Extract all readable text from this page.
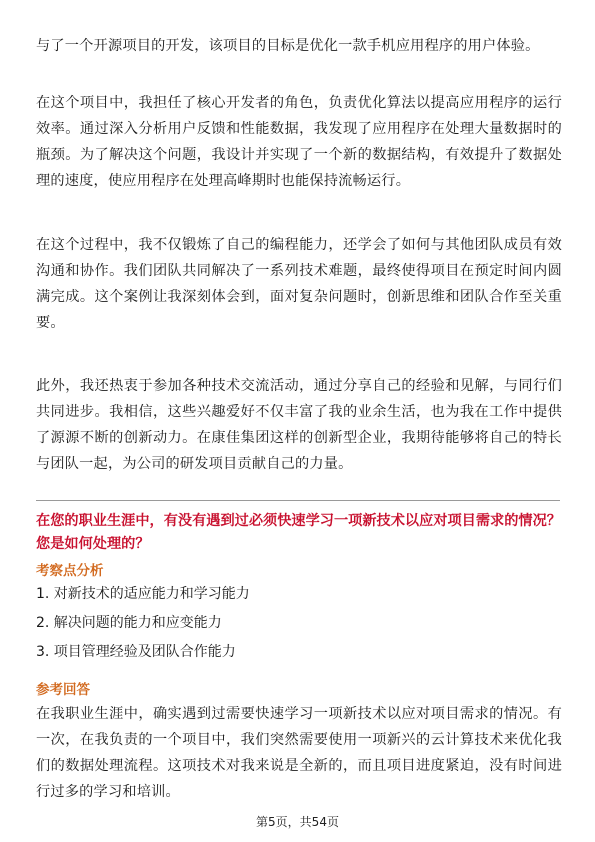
与了一个开源项目的开发，该项目的目标是优化一款手机应用程序的用户体验。
在这个项目中，我担任了核心开发者的角色，负责优化算法以提高应用程序的运行效率。通过深入分析用户反馈和性能数据，我发现了应用程序在处理大量数据时的瓶颈。为了解决这个问题，我设计并实现了一个新的数据结构，有效提升了数据处理的速度，使应用程序在处理高峰期时也能保持流畅运行。
在这个过程中，我不仅锻炼了自己的编程能力，还学会了如何与其他团队成员有效沟通和协作。我们团队共同解决了一系列技术难题，最终使得项目在预定时间内圆满完成。这个案例让我深刻体会到，面对复杂问题时，创新思维和团队合作至关重要。
此外，我还热衷于参加各种技术交流活动，通过分享自己的经验和见解，与同行们共同进步。我相信，这些兴趣爱好不仅丰富了我的业余生活，也为我在工作中提供了源源不断的创新动力。在康佳集团这样的创新型企业，我期待能够将自己的特长与团队一起，为公司的研发项目贡献自己的力量。
在您的职业生涯中，有没有遇到过必须快速学习一项新技术以应对项目需求的情况？您是如何处理的？
考察点分析
1. 对新技术的适应能力和学习能力
2. 解决问题的能力和应变能力
3. 项目管理经验及团队合作能力
参考回答
在我职业生涯中，确实遇到过需要快速学习一项新技术以应对项目需求的情况。有一次，在我负责的一个项目中，我们突然需要使用一项新兴的云计算技术来优化我们的数据处理流程。这项技术对我来说是全新的，而且项目进度紧迫，没有时间进行过多的学习和培训。
第5页，共54页
